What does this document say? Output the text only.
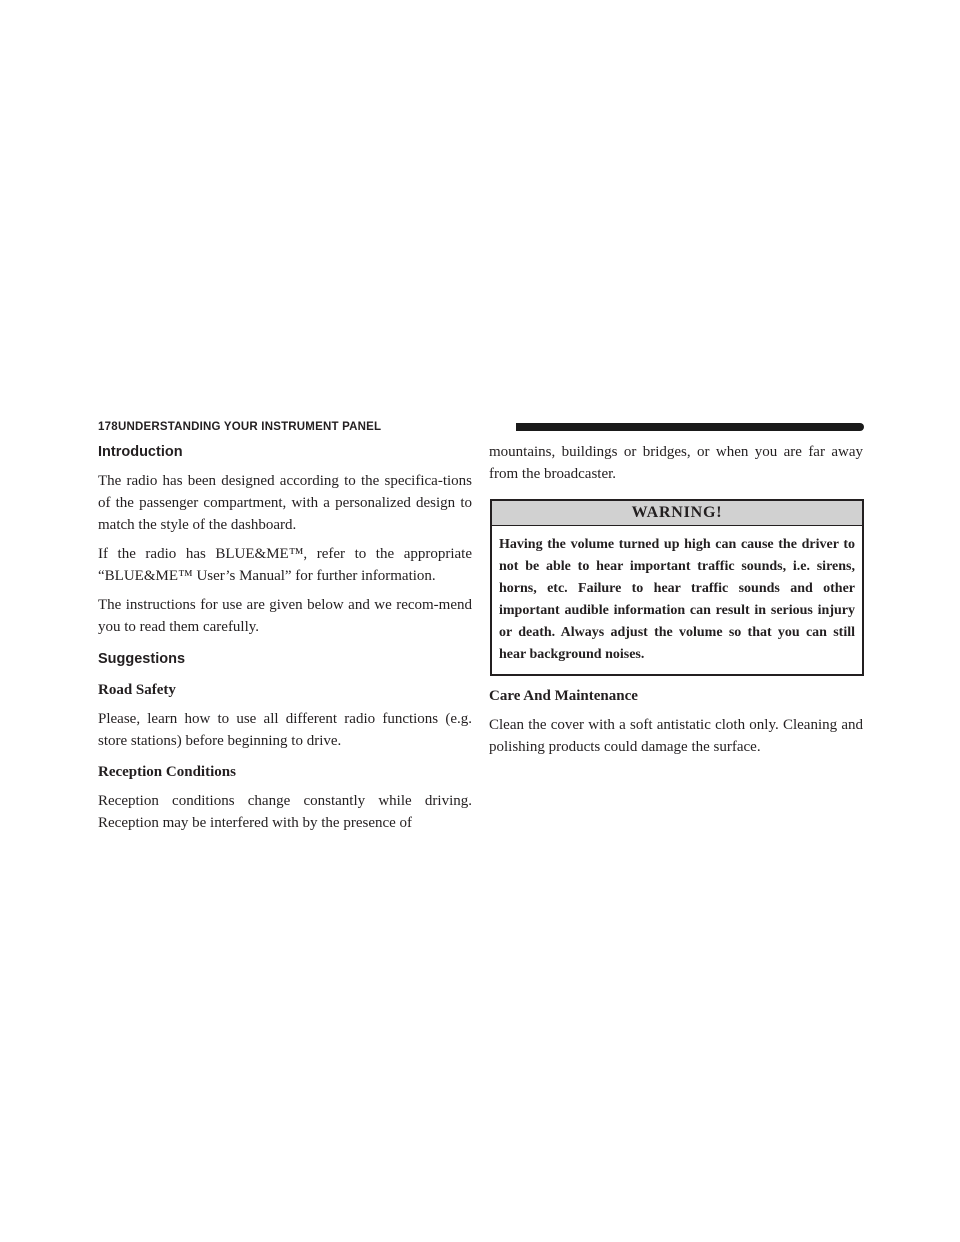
178 UNDERSTANDING YOUR INSTRUMENT PANEL
Introduction

The radio has been designed according to the specifica-tions of the passenger compartment, with a personalized design to match the style of the dashboard.

If the radio has BLUE&ME™, refer to the appropriate “BLUE&ME™ User’s Manual” for further information.

The instructions for use are given below and we recom-mend you to read them carefully.

Suggestions
Road Safety

Please, learn how to use all different radio functions (e.g. store stations) before beginning to drive.

Reception Conditions

Reception conditions change constantly while driving. Reception may be interfered with by the presence of

mountains, buildings or bridges, or when you are far away from the broadcaster.

WARNING!
Having the volume turned up high can cause the driver to not be able to hear important traffic sounds, i.e. sirens, horns, etc. Failure to hear traffic sounds and other important audible information can result in serious injury or death. Always adjust the volume so that you can still hear background noises.
Care And Maintenance

Clean the cover with a soft antistatic cloth only. Cleaning and polishing products could damage the surface.
